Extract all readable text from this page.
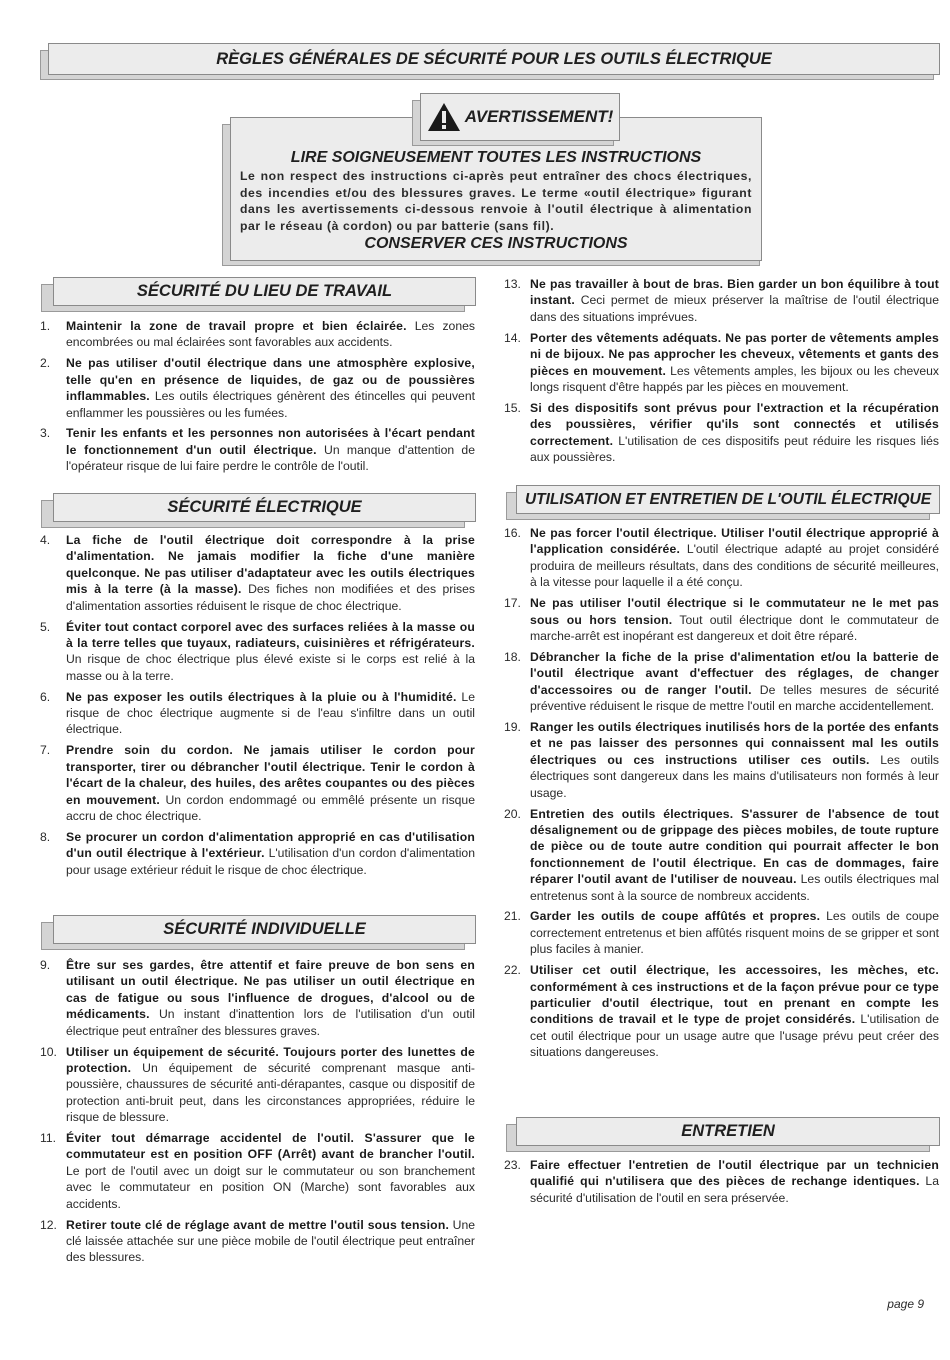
RÈGLES GÉNÉRALES DE SÉCURITÉ POUR LES OUTILS ÉLECTRIQUE
AVERTISSEMENT!
LIRE SOIGNEUSEMENT TOUTES LES INSTRUCTIONS
Le non respect des instructions ci-après peut entraîner des chocs électriques, des incendies et/ou des blessures graves. Le terme «outil électrique» figurant dans les avertissements ci-dessous renvoie à l'outil électrique à alimentation par le réseau (à cordon) ou par batterie (sans fil).
CONSERVER CES INSTRUCTIONS
SÉCURITÉ DU LIEU DE TRAVAIL
1.	Maintenir la zone de travail propre et bien éclairée. Les zones encombrées ou mal éclairées sont favorables aux accidents.
2.	Ne pas utiliser d'outil électrique dans une atmosphère explosive, telle qu'en en présence de liquides, de gaz ou de poussières inflammables. Les outils électriques génèrent des étincelles qui peuvent enflammer les poussières ou les fumées.
3.	Tenir les enfants et les personnes non autorisées à l'écart pendant le fonctionnement d'un outil électrique. Un manque d'attention de l'opérateur risque de lui faire perdre le contrôle de l'outil.
SÉCURITÉ ÉLECTRIQUE
4.	La fiche de l'outil électrique doit correspondre à la prise d'alimentation. Ne jamais modifier la fiche d'une manière quelconque. Ne pas utiliser d'adaptateur avec les outils électriques mis à la terre (à la masse). Des fiches non modifiées et des prises d'alimentation assorties réduisent le risque de choc électrique.
5.	Éviter tout contact corporel avec des surfaces reliées à la masse ou à la terre telles que tuyaux, radiateurs, cuisinières et réfrigérateurs. Un risque de choc électrique plus élevé existe si le corps est relié à la masse ou à la terre.
6.	Ne pas exposer les outils électriques à la pluie ou à l'humidité. Le risque de choc électrique augmente si de l'eau s'infiltre dans un outil électrique.
7.	Prendre soin du cordon. Ne jamais utiliser le cordon pour transporter, tirer ou débrancher l'outil électrique. Tenir le cordon à l'écart de la chaleur, des huiles, des arêtes coupantes ou des pièces en mouvement. Un cordon endommagé ou emmêlé présente un risque accru de choc électrique.
8.	Se procurer un cordon d'alimentation approprié en cas d'utilisation d'un outil électrique à l'extérieur. L'utilisation d'un cordon d'alimentation pour usage extérieur réduit le risque de choc électrique.
SÉCURITÉ INDIVIDUELLE
9.	Être sur ses gardes, être attentif et faire preuve de bon sens en utilisant un outil électrique. Ne pas utiliser un outil électrique en cas de fatigue ou sous l'influence de drogues, d'alcool ou de médicaments. Un instant d'inattention lors de l'utilisation d'un outil électrique peut entraîner des blessures graves.
10. Utiliser un équipement de sécurité. Toujours porter des lunettes de protection. Un équipement de sécurité comprenant masque anti-poussière, chaussures de sécurité anti-dérapantes, casque ou dispositif de protection anti-bruit peut, dans les circonstances appropriées, réduire le risque de blessure.
11. Éviter tout démarrage accidentel de l'outil. S'assurer que le commutateur est en position OFF (Arrêt) avant de brancher l'outil. Le port de l'outil avec un doigt sur le commutateur ou son branchement avec le commutateur en position ON (Marche) sont favorables aux accidents.
12. Retirer toute clé de réglage avant de mettre l'outil sous tension. Une clé laissée attachée sur une pièce mobile de l'outil électrique peut entraîner des blessures.
13. Ne pas travailler à bout de bras. Bien garder un bon équilibre à tout instant. Ceci permet de mieux préserver la maîtrise de l'outil électrique dans des situations imprévues.
14. Porter des vêtements adéquats. Ne pas porter de vêtements amples ni de bijoux. Ne pas approcher les cheveux, vêtements et gants des pièces en mouvement. Les vêtements amples, les bijoux ou les cheveux longs risquent d'être happés par les pièces en mouvement.
15. Si des dispositifs sont prévus pour l'extraction et la récupération des poussières, vérifier qu'ils sont connectés et utilisés correctement. L'utilisation de ces dispositifs peut réduire les risques liés aux poussières.
UTILISATION ET ENTRETIEN DE L'OUTIL ÉLECTRIQUE
16. Ne pas forcer l'outil électrique. Utiliser l'outil électrique approprié à l'application considérée. L'outil électrique adapté au projet considéré produira de meilleurs résultats, dans des conditions de sécurité meilleures, à la vitesse pour laquelle il a été conçu.
17. Ne pas utiliser l'outil électrique si le commutateur ne le met pas sous ou hors tension. Tout outil électrique dont le commutateur de marche-arrêt est inopérant est dangereux et doit être réparé.
18. Débrancher la fiche de la prise d'alimentation et/ou la batterie de l'outil électrique avant d'effectuer des réglages, de changer d'accessoires ou de ranger l'outil. De telles mesures de sécurité préventive réduisent le risque de mettre l'outil en marche accidentellement.
19. Ranger les outils électriques inutilisés hors de la portée des enfants et ne pas laisser des personnes qui connaissent mal les outils électriques ou ces instructions utiliser ces outils. Les outils électriques sont dangereux dans les mains d'utilisateurs non formés à leur usage.
20. Entretien des outils électriques. S'assurer de l'absence de tout désalignement ou de grippage des pièces mobiles, de toute rupture de pièce ou de toute autre condition qui pourrait affecter le bon fonctionnement de l'outil électrique. En cas de dommages, faire réparer l'outil avant de l'utiliser de nouveau. Les outils électriques mal entretenus sont à la source de nombreux accidents.
21. Garder les outils de coupe affûtés et propres. Les outils de coupe correctement entretenus et bien affûtés risquent moins de se gripper et sont plus faciles à manier.
22. Utiliser cet outil électrique, les accessoires, les mèches, etc. conformément à ces instructions et de la façon prévue pour ce type particulier d'outil électrique, tout en prenant en compte les conditions de travail et le type de projet considérés. L'utilisation de cet outil électrique pour un usage autre que l'usage prévu peut créer des situations dangereuses.
ENTRETIEN
23. Faire effectuer l'entretien de l'outil électrique par un technicien qualifié qui n'utilisera que des pièces de rechange identiques. La sécurité d'utilisation de l'outil en sera préservée.
page 9
